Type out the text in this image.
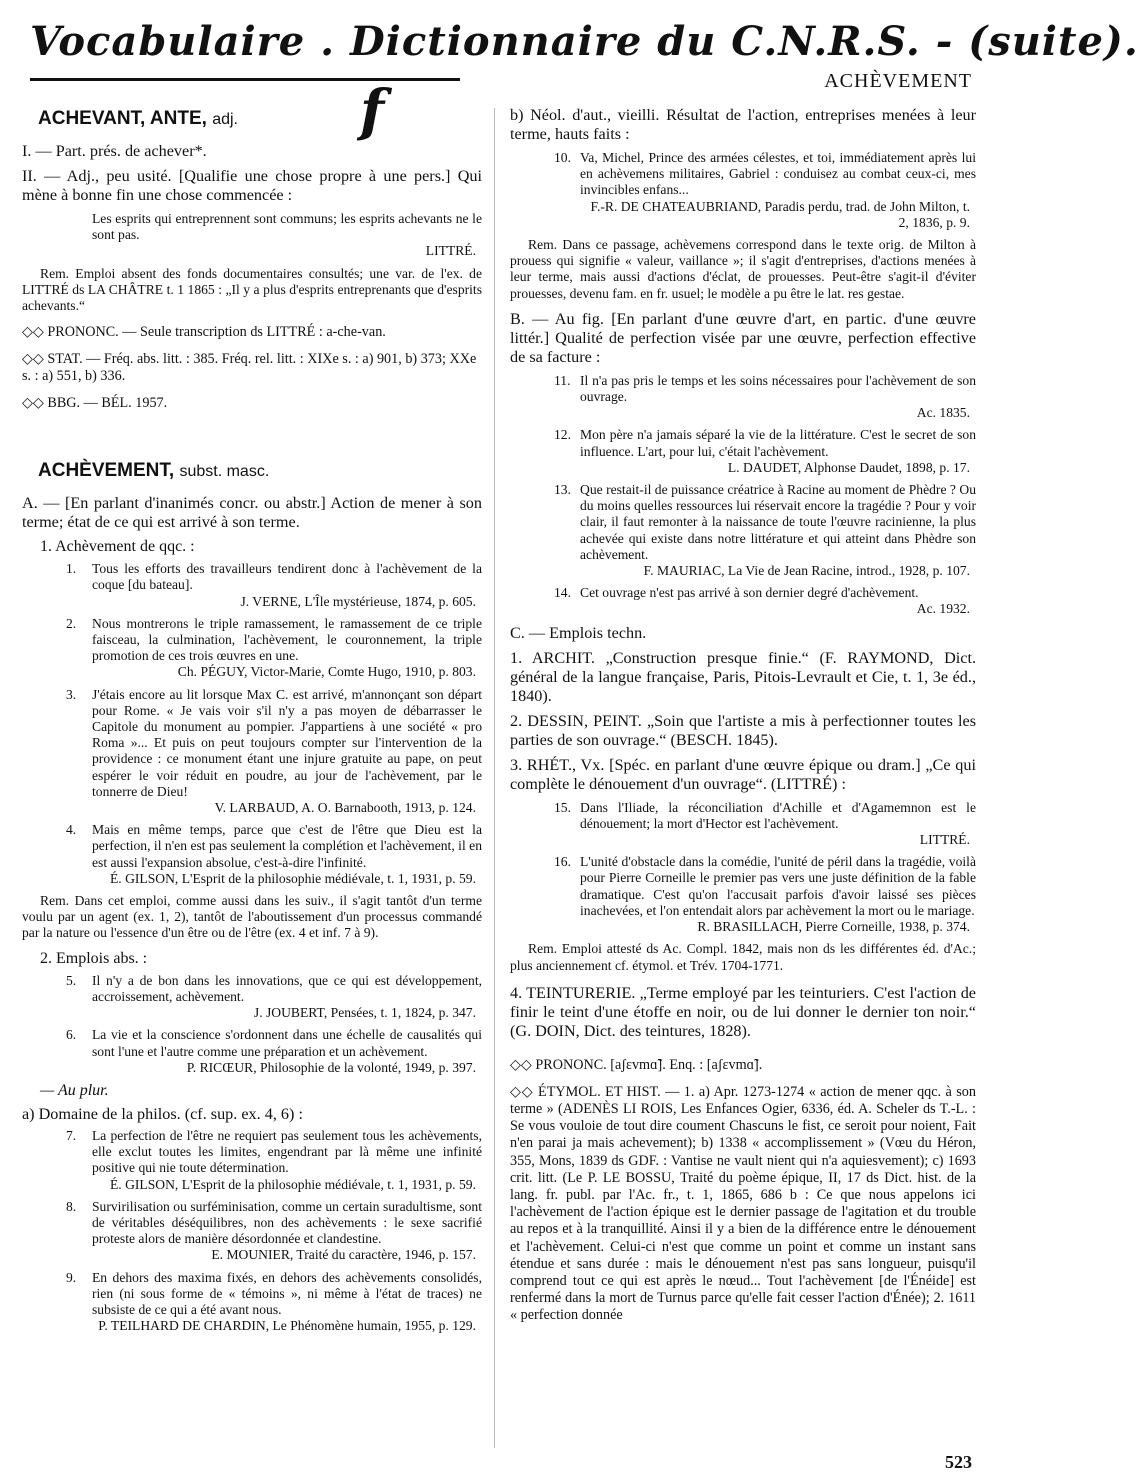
Vocabulaire . Dictionnaire du C.N.R.S. - (suite).
f	ACHÈVEMENT
ACHEVANT, ANTE, adj.

I. — Part. prés. de achever*.

II. — Adj., peu usité. [Qualifie une chose propre à une pers.] Qui mène à bonne fin une chose commencée :

Les esprits qui entreprennent sont communs; les esprits achevants ne le sont pas.
LITTRÉ.

Rem. Emploi absent des fonds documentaires consultés; une var. de l'ex. de LITTRÉ ds LA CHÂTRE t. 1 1865 : „Il y a plus d'esprits entreprenants que d'esprits achevants.“

◇◇ PRONONC. — Seule transcription ds LITTRÉ : a-che-van.

◇◇ STAT. — Fréq. abs. litt. : 385. Fréq. rel. litt. : XIXe s. : a) 901, b) 373; XXe s. : a) 551, b) 336.

◇◇ BBG. — BÉL. 1957.

ACHÈVEMENT, subst. masc.

A. — [En parlant d'inanimés concr. ou abstr.] Action de mener à son terme; état de ce qui est arrivé à son terme.

1. Achèvement de qqc. :

1. Tous les efforts des travailleurs tendirent donc à l'achèvement de la coque [du bateau].
J. VERNE, L'Île mystérieuse, 1874, p. 605.
2. Nous montrerons le triple ramassement, le ramassement de ce triple faisceau, la culmination, l'achèvement, le couronnement, la triple promotion de ces trois œuvres en une.
Ch. PÉGUY, Victor-Marie, Comte Hugo, 1910, p. 803.
3. J'étais encore au lit lorsque Max C. est arrivé, m'annonçant son départ pour Rome. « Je vais voir s'il n'y a pas moyen de débarrasser le Capitole du monument au pompier. J'appartiens à une société « pro Roma »... Et puis on peut toujours compter sur l'intervention de la providence : ce monument étant une injure gratuite au pape, on peut espérer le voir réduit en poudre, au jour de l'achèvement, par le tonnerre de Dieu!
V. LARBAUD, A. O. Barnabooth, 1913, p. 124.
4. Mais en même temps, parce que c'est de l'être que Dieu est la perfection, il n'en est pas seulement la complétion et l'achèvement, il en est aussi l'expansion absolue, c'est-à-dire l'infinité.
É. GILSON, L'Esprit de la philosophie médiévale, t. 1, 1931, p. 59.

Rem. Dans cet emploi, comme aussi dans les suiv., il s'agit tantôt d'un terme voulu par un agent (ex. 1, 2), tantôt de l'aboutissement d'un processus commandé par la nature ou l'essence d'un être ou de l'être (ex. 4 et inf. 7 à 9).

2. Emplois abs. :

5. Il n'y a de bon dans les innovations, que ce qui est développement, accroissement, achèvement.
J. JOUBERT, Pensées, t. 1, 1824, p. 347.
6. La vie et la conscience s'ordonnent dans une échelle de causalités qui sont l'une et l'autre comme une préparation et un achèvement.
P. RICŒUR, Philosophie de la volonté, 1949, p. 397.

— Au plur.

a) Domaine de la philos. (cf. sup. ex. 4, 6) :

7. La perfection de l'être ne requiert pas seulement tous les achèvements, elle exclut toutes les limites, engendrant par là même une infinité positive qui nie toute détermination.
É. GILSON, L'Esprit de la philosophie médiévale, t. 1, 1931, p. 59.
8. Survirilisation ou surféminisation, comme un certain suradultisme, sont de véritables déséquilibres, non des achèvements : le sexe sacrifié proteste alors de manière désordonnée et clandestine.
E. MOUNIER, Traité du caractère, 1946, p. 157.
9. En dehors des maxima fixés, en dehors des achèvements consolidés, rien (ni sous forme de « témoins », ni même à l'état de traces) ne subsiste de ce qui a été avant nous.
P. TEILHARD DE CHARDIN, Le Phénomène humain, 1955, p. 129.

b) Néol. d'aut., vieilli. Résultat de l'action, entreprises menées à leur terme, hauts faits :

10. Va, Michel, Prince des armées célestes, et toi, immédiatement après lui en achèvemens militaires, Gabriel : conduisez au combat ceux-ci, mes invincibles enfans...
F.-R. DE CHATEAUBRIAND, Paradis perdu, trad. de John Milton, t. 2, 1836, p. 9.

Rem. Dans ce passage, achèvemens correspond dans le texte orig. de Milton à prouess qui signifie « valeur, vaillance »; il s'agit d'entreprises, d'actions menées à leur terme, mais aussi d'actions d'éclat, de prouesses. Peut-être s'agit-il d'éviter prouesses, devenu fam. en fr. usuel; le modèle a pu être le lat. res gestae.

B. — Au fig. [En parlant d'une œuvre d'art, en partic. d'une œuvre littér.] Qualité de perfection visée par une œuvre, perfection effective de sa facture :

11. Il n'a pas pris le temps et les soins nécessaires pour l'achèvement de son ouvrage.
Ac. 1835.
12. Mon père n'a jamais séparé la vie de la littérature. C'est le secret de son influence. L'art, pour lui, c'était l'achèvement.
L. DAUDET, Alphonse Daudet, 1898, p. 17.
13. Que restait-il de puissance créatrice à Racine au moment de Phèdre ? Ou du moins quelles ressources lui réservait encore la tragédie ? Pour y voir clair, il faut remonter à la naissance de toute l'œuvre racinienne, la plus achevée qui existe dans notre littérature et qui atteint dans Phèdre son achèvement.
F. MAURIAC, La Vie de Jean Racine, introd., 1928, p. 107.
14. Cet ouvrage n'est pas arrivé à son dernier degré d'achèvement.
Ac. 1932.

C. — Emplois techn.

1. ARCHIT. „Construction presque finie.“ (F. RAYMOND, Dict. général de la langue française, Paris, Pitois-Levrault et Cie, t. 1, 3e éd., 1840).

2. DESSIN, PEINT. „Soin que l'artiste a mis à perfectionner toutes les parties de son ouvrage.“ (BESCH. 1845).

3. RHÉT., Vx. [Spéc. en parlant d'une œuvre épique ou dram.] „Ce qui complète le dénouement d'un ouvrage“. (LITTRÉ) :

15. Dans l'Iliade, la réconciliation d'Achille et d'Agamemnon est le dénouement; la mort d'Hector est l'achèvement.
LITTRÉ.
16. L'unité d'obstacle dans la comédie, l'unité de péril dans la tragédie, voilà pour Pierre Corneille le premier pas vers une juste définition de la fable dramatique. C'est qu'on l'accusait parfois d'avoir laissé ses pièces inachevées, et l'on entendait alors par achèvement la mort ou le mariage.
R. BRASILLACH, Pierre Corneille, 1938, p. 374.

Rem. Emploi attesté ds Ac. Compl. 1842, mais non ds les différentes éd. d'Ac.; plus anciennement cf. étymol. et Trév. 1704-1771.

4. TEINTURERIE. „Terme employé par les teinturiers. C'est l'action de finir le teint d'une étoffe en noir, ou de lui donner le dernier ton noir.“ (G. DOIN, Dict. des teintures, 1828).

◇◇ PRONONC. [aʃɛvmɑ̃]. Enq. : [aʃɛvmɑ̃].

◇◇ ÉTYMOL. ET HIST. — 1. a) Apr. 1273-1274 « action de mener qqc. à son terme » (ADENÈS LI ROIS, Les Enfances Ogier, 6336, éd. A. Scheler ds T.-L. : Se vous vouloie de tout dire coument Chascuns le fist, ce seroit pour noient, Fait n'en parai ja mais achevement); b) 1338 « accomplissement » (Vœu du Héron, 355, Mons, 1839 ds GDF. : Vantise ne vault nient qui n'a aquiesvement); c) 1693 crit. litt. (Le P. LE BOSSU, Traité du poème épique, II, 17 ds Dict. hist. de la lang. fr. publ. par l'Ac. fr., t. 1, 1865, 686 b : Ce que nous appelons ici l'achèvement de l'action épique est le dernier passage de l'agitation et du trouble au repos et à la tranquillité. Ainsi il y a bien de la différence entre le dénouement et l'achèvement. Celui-ci n'est que comme un point et comme un instant sans étendue et sans durée : mais le dénouement n'est pas sans longueur, puisqu'il comprend tout ce qui est après le nœud... Tout l'achèvement [de l'Énéide] est renfermé dans la mort de Turnus parce qu'elle fait cesser l'action d'Énée); 2. 1611 « perfection donnée

523
